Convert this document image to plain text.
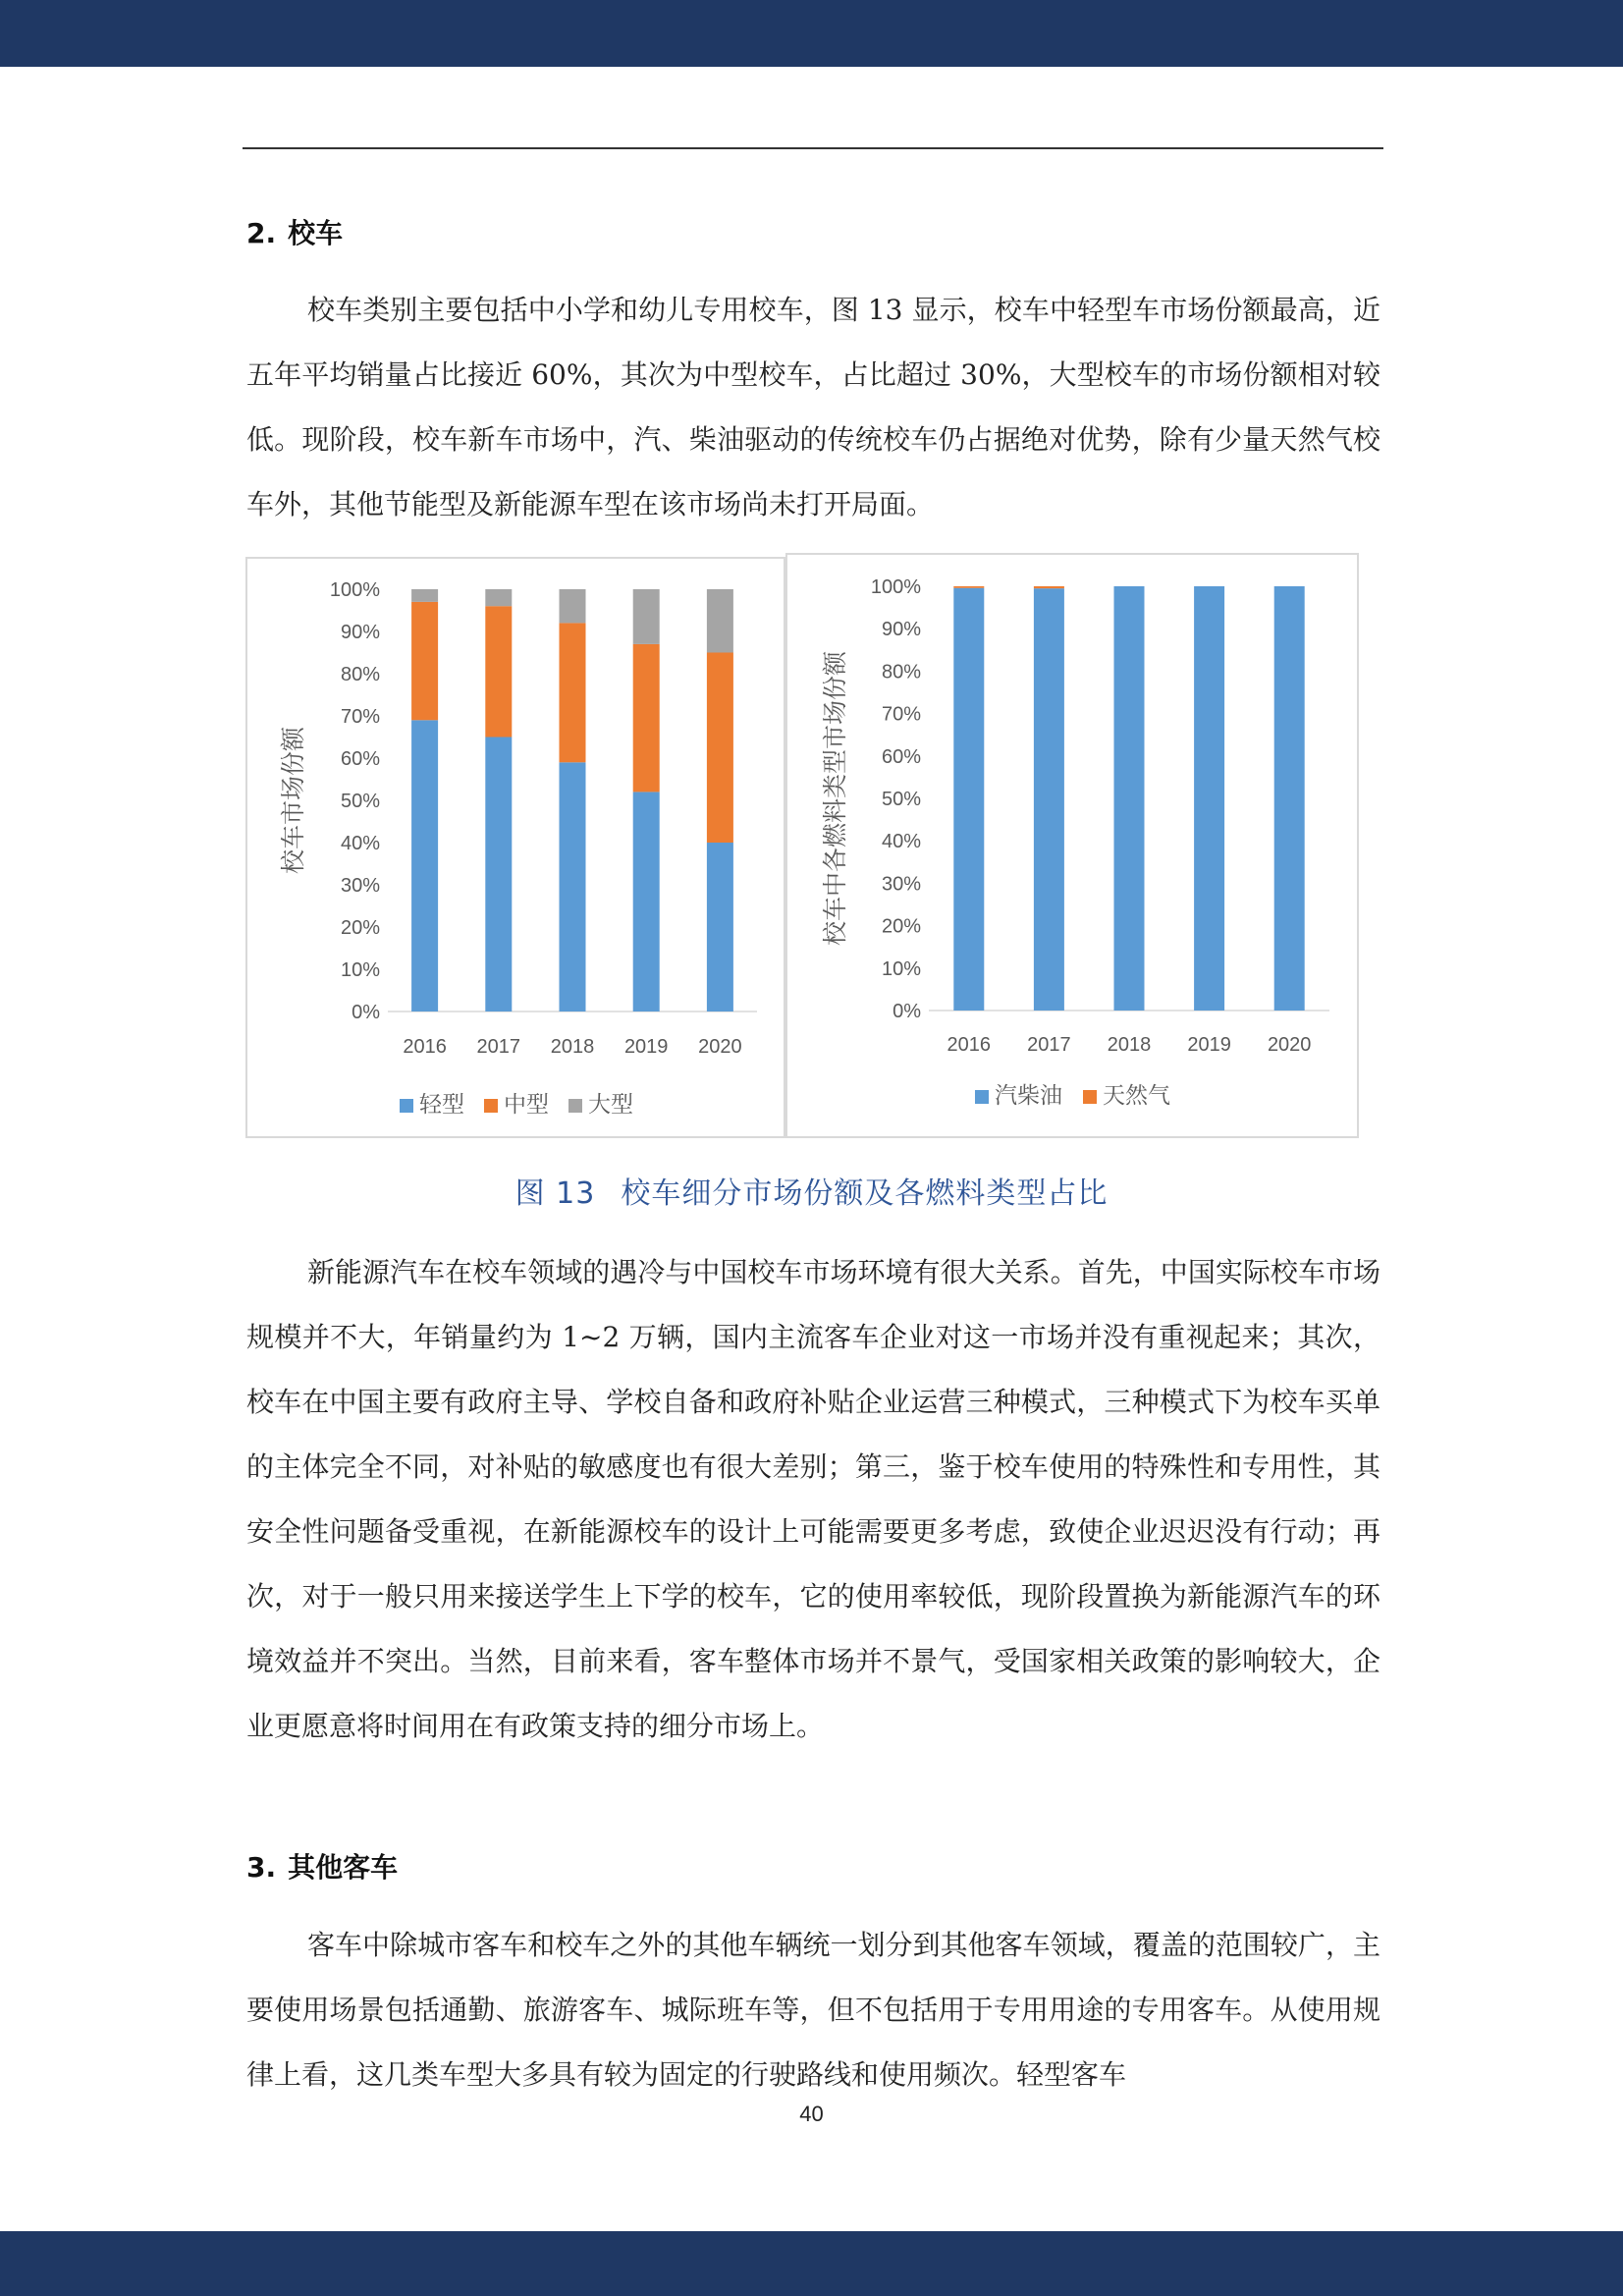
2. 校车

校车类别主要包括中小学和幼儿专用校车，图 13 显示，校车中轻型车市场份额最高，近五年平均销量占比接近 60%，其次为中型校车，占比超过 30%，大型校车的市场份额相对较低。现阶段，校车新车市场中，汽、柴油驱动的传统校车仍占据绝对优势，除有少量天然气校车外，其他节能型及新能源车型在该市场尚未打开局面。

0%
10%
20%
30%
40%
50%
60%
70%
80%
90%
100%
校车市场份额
2016 2017 2018 2019 2020
轻型 中型 大型
0%
10%
20%
30%
40%
50%
60%
70%
80%
90%
100%
校车中各燃料类型市场份额
2016 2017 2018 2019 2020
汽柴油 天然气

图 13 校车细分市场份额及各燃料类型占比

新能源汽车在校车领域的遇冷与中国校车市场环境有很大关系。首先，中国实际校车市场规模并不大，年销量约为 1~2 万辆，国内主流客车企业对这一市场并没有重视起来；其次，校车在中国主要有政府主导、学校自备和政府补贴企业运营三种模式，三种模式下为校车买单的主体完全不同，对补贴的敏感度也有很大差别；第三，鉴于校车使用的特殊性和专用性，其安全性问题备受重视，在新能源校车的设计上可能需要更多考虑，致使企业迟迟没有行动；再次，对于一般只用来接送学生上下学的校车，它的使用率较低，现阶段置换为新能源汽车的环境效益并不突出。当然，目前来看，客车整体市场并不景气，受国家相关政策的影响较大，企业更愿意将时间用在有政策支持的细分市场上。

3. 其他客车

客车中除城市客车和校车之外的其他车辆统一划分到其他客车领域，覆盖的范围较广，主要使用场景包括通勤、旅游客车、城际班车等，但不包括用于专用用途的专用客车。从使用规律上看，这几类车型大多具有较为固定的行驶路线和使用频次。轻型客车

40
